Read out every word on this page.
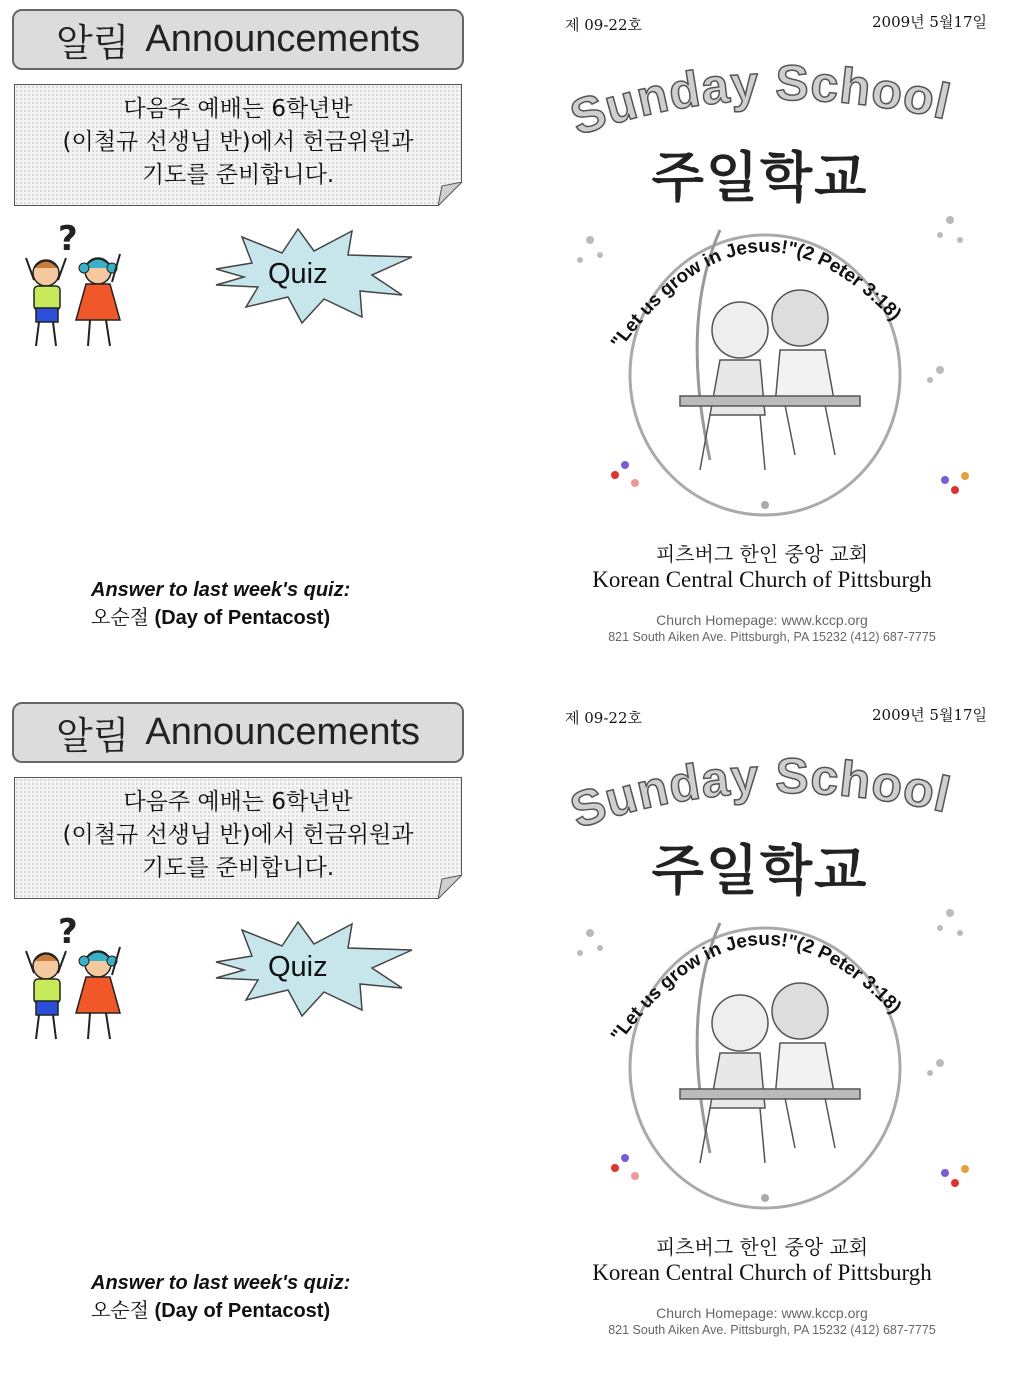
알림 Announcements
다음주 예배는 6학년반
(이철규 선생님 반)에서 헌금위원과
기도를 준비합니다.
?
Quiz
Answer to last week's quiz:
오순절 (Day of Pentacost)
제 09-22호	2009년 5월17일
Sunday School
주일학교
"Let us grow in Jesus!"(2 Peter 3:18)
피츠버그 한인 중앙 교회
Korean Central Church of Pittsburgh
Church Homepage: www.kccp.org
821 South Aiken Ave. Pittsburgh, PA 15232 (412) 687-7775
알림 Announcements
다음주 예배는 6학년반
(이철규 선생님 반)에서 헌금위원과
기도를 준비합니다.
?
Quiz
Answer to last week's quiz:
오순절 (Day of Pentacost)
제 09-22호	2009년 5월17일
Sunday School
주일학교
"Let us grow in Jesus!"(2 Peter 3:18)
피츠버그 한인 중앙 교회
Korean Central Church of Pittsburgh
Church Homepage: www.kccp.org
821 South Aiken Ave. Pittsburgh, PA 15232 (412) 687-7775
